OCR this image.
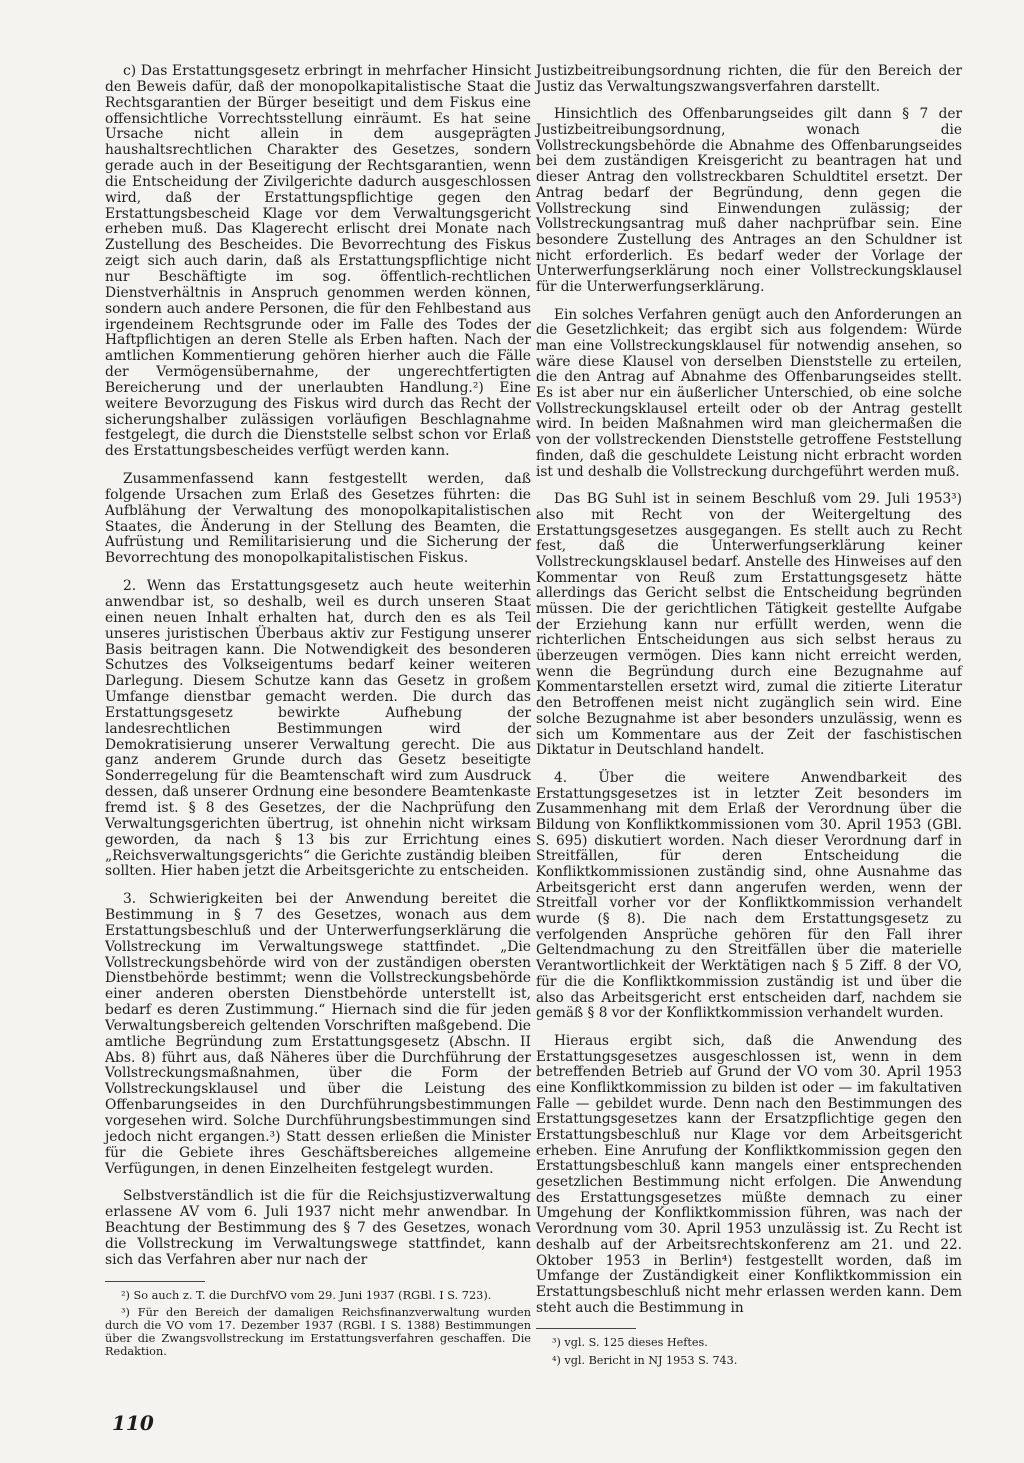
c) Das Erstattungsgesetz erbringt in mehrfacher Hinsicht den Beweis dafür, daß der monopolkapitalistische Staat die Rechtsgarantien der Bürger beseitigt und dem Fiskus eine offensichtliche Vorrechtsstellung einräumt. Es hat seine Ursache nicht allein in dem ausgeprägten haushaltsrechtlichen Charakter des Gesetzes, sondern gerade auch in der Beseitigung der Rechtsgarantien, wenn die Entscheidung der Zivilgerichte dadurch ausgeschlossen wird, daß der Erstattungspflichtige gegen den Erstattungsbescheid Klage vor dem Verwaltungsgericht erheben muß. Das Klagerecht erlischt drei Monate nach Zustellung des Bescheides. Die Bevorrechtung des Fiskus zeigt sich auch darin, daß als Erstattungspflichtige nicht nur Beschäftigte im sog. öffentlich-rechtlichen Dienstverhältnis in Anspruch genommen werden können, sondern auch andere Personen, die für den Fehlbestand aus irgendeinem Rechtsgrunde oder im Falle des Todes der Haftpflichtigen an deren Stelle als Erben haften. Nach der amtlichen Kommentierung gehören hierher auch die Fälle der Vermögensübernahme, der ungerechtfertigten Bereicherung und der unerlaubten Handlung.²) Eine weitere Bevorzugung des Fiskus wird durch das Recht der sicherungshalber zulässigen vorläufigen Beschlagnahme festgelegt, die durch die Dienststelle selbst schon vor Erlaß des Erstattungsbescheides verfügt werden kann.

Zusammenfassend kann festgestellt werden, daß folgende Ursachen zum Erlaß des Gesetzes führten: die Aufblähung der Verwaltung des monopolkapitalistischen Staates, die Änderung in der Stellung des Beamten, die Aufrüstung und Remilitarisierung und die Sicherung der Bevorrechtung des monopolkapitalistischen Fiskus.

2. Wenn das Erstattungsgesetz auch heute weiterhin anwendbar ist, so deshalb, weil es durch unseren Staat einen neuen Inhalt erhalten hat, durch den es als Teil unseres juristischen Überbaus aktiv zur Festigung unserer Basis beitragen kann. Die Notwendigkeit des besonderen Schutzes des Volkseigentums bedarf keiner weiteren Darlegung. Diesem Schutze kann das Gesetz in großem Umfange dienstbar gemacht werden. Die durch das Erstattungsgesetz bewirkte Aufhebung der landesrechtlichen Bestimmungen wird der Demokratisierung unserer Verwaltung gerecht. Die aus ganz anderem Grunde durch das Gesetz beseitigte Sonderregelung für die Beamtenschaft wird zum Ausdruck dessen, daß unserer Ordnung eine besondere Beamtenkaste fremd ist. § 8 des Gesetzes, der die Nachprüfung den Verwaltungsgerichten übertrug, ist ohnehin nicht wirksam geworden, da nach § 13 bis zur Errichtung eines „Reichsverwaltungsgerichts“ die Gerichte zuständig bleiben sollten. Hier haben jetzt die Arbeitsgerichte zu entscheiden.

3. Schwierigkeiten bei der Anwendung bereitet die Bestimmung in § 7 des Gesetzes, wonach aus dem Erstattungsbeschluß und der Unterwerfungserklärung die Vollstreckung im Verwaltungswege stattfindet. „Die Vollstreckungsbehörde wird von der zuständigen obersten Dienstbehörde bestimmt; wenn die Vollstreckungsbehörde einer anderen obersten Dienstbehörde unterstellt ist, bedarf es deren Zustimmung.“ Hiernach sind die für jeden Verwaltungsbereich geltenden Vorschriften maßgebend. Die amtliche Begründung zum Erstattungsgesetz (Abschn. II Abs. 8) führt aus, daß Näheres über die Durchführung der Vollstreckungsmaßnahmen, über die Form der Vollstreckungsklausel und über die Leistung des Offenbarungseides in den Durchführungsbestimmungen vorgesehen wird. Solche Durchführungsbestimmungen sind jedoch nicht ergangen.³) Statt dessen erließen die Minister für die Gebiete ihres Geschäftsbereiches allgemeine Verfügungen, in denen Einzelheiten festgelegt wurden.

Selbstverständlich ist die für die Reichsjustizverwaltung erlassene AV vom 6. Juli 1937 nicht mehr anwendbar. In Beachtung der Bestimmung des § 7 des Gesetzes, wonach die Vollstreckung im Verwaltungswege stattfindet, kann sich das Verfahren aber nur nach der

²) So auch z. T. die DurchfVO vom 29. Juni 1937 (RGBl. I S. 723).

³) Für den Bereich der damaligen Reichsfinanzverwaltung wurden durch die VO vom 17. Dezember 1937 (RGBl. I S. 1388) Bestimmungen über die Zwangsvollstreckung im Erstattungsverfahren geschaffen. Die Redaktion.

Justizbeitreibungsordnung richten, die für den Bereich der Justiz das Verwaltungszwangsverfahren darstellt.

Hinsichtlich des Offenbarungseides gilt dann § 7 der Justizbeitreibungsordnung, wonach die Vollstreckungsbehörde die Abnahme des Offenbarungseides bei dem zuständigen Kreisgericht zu beantragen hat und dieser Antrag den vollstreckbaren Schuldtitel ersetzt. Der Antrag bedarf der Begründung, denn gegen die Vollstreckung sind Einwendungen zulässig; der Vollstreckungsantrag muß daher nachprüfbar sein. Eine besondere Zustellung des Antrages an den Schuldner ist nicht erforderlich. Es bedarf weder der Vorlage der Unterwerfungserklärung noch einer Vollstreckungsklausel für die Unterwerfungserklärung.

Ein solches Verfahren genügt auch den Anforderungen an die Gesetzlichkeit; das ergibt sich aus folgendem: Würde man eine Vollstreckungsklausel für notwendig ansehen, so wäre diese Klausel von derselben Dienststelle zu erteilen, die den Antrag auf Abnahme des Offenbarungseides stellt. Es ist aber nur ein äußerlicher Unterschied, ob eine solche Vollstreckungsklausel erteilt oder ob der Antrag gestellt wird. In beiden Maßnahmen wird man gleichermaßen die von der vollstreckenden Dienststelle getroffene Feststellung finden, daß die geschuldete Leistung nicht erbracht worden ist und deshalb die Vollstreckung durchgeführt werden muß.

Das BG Suhl ist in seinem Beschluß vom 29. Juli 1953³) also mit Recht von der Weitergeltung des Erstattungsgesetzes ausgegangen. Es stellt auch zu Recht fest, daß die Unterwerfungserklärung keiner Vollstreckungsklausel bedarf. Anstelle des Hinweises auf den Kommentar von Reuß zum Erstattungsgesetz hätte allerdings das Gericht selbst die Entscheidung begründen müssen. Die der gerichtlichen Tätigkeit gestellte Aufgabe der Erziehung kann nur erfüllt werden, wenn die richterlichen Entscheidungen aus sich selbst heraus zu überzeugen vermögen. Dies kann nicht erreicht werden, wenn die Begründung durch eine Bezugnahme auf Kommentarstellen ersetzt wird, zumal die zitierte Literatur den Betroffenen meist nicht zugänglich sein wird. Eine solche Bezugnahme ist aber besonders unzulässig, wenn es sich um Kommentare aus der Zeit der faschistischen Diktatur in Deutschland handelt.

4. Über die weitere Anwendbarkeit des Erstattungsgesetzes ist in letzter Zeit besonders im Zusammenhang mit dem Erlaß der Verordnung über die Bildung von Konfliktkommissionen vom 30. April 1953 (GBl. S. 695) diskutiert worden. Nach dieser Verordnung darf in Streitfällen, für deren Entscheidung die Konfliktkommissionen zuständig sind, ohne Ausnahme das Arbeitsgericht erst dann angerufen werden, wenn der Streitfall vorher vor der Konfliktkommission verhandelt wurde (§ 8). Die nach dem Erstattungsgesetz zu verfolgenden Ansprüche gehören für den Fall ihrer Geltendmachung zu den Streitfällen über die materielle Verantwortlichkeit der Werktätigen nach § 5 Ziff. 8 der VO, für die die Konfliktkommission zuständig ist und über die also das Arbeitsgericht erst entscheiden darf, nachdem sie gemäß § 8 vor der Konfliktkommission verhandelt wurden.

Hieraus ergibt sich, daß die Anwendung des Erstattungsgesetzes ausgeschlossen ist, wenn in dem betreffenden Betrieb auf Grund der VO vom 30. April 1953 eine Konfliktkommission zu bilden ist oder — im fakultativen Falle — gebildet wurde. Denn nach den Bestimmungen des Erstattungsgesetzes kann der Ersatzpflichtige gegen den Erstattungsbeschluß nur Klage vor dem Arbeitsgericht erheben. Eine Anrufung der Konfliktkommission gegen den Erstattungsbeschluß kann mangels einer entsprechenden gesetzlichen Bestimmung nicht erfolgen. Die Anwendung des Erstattungsgesetzes müßte demnach zu einer Umgehung der Konfliktkommission führen, was nach der Verordnung vom 30. April 1953 unzulässig ist. Zu Recht ist deshalb auf der Arbeitsrechtskonferenz am 21. und 22. Oktober 1953 in Berlin⁴) festgestellt worden, daß im Umfange der Zuständigkeit einer Konfliktkommission ein Erstattungsbeschluß nicht mehr erlassen werden kann. Dem steht auch die Bestimmung in

³) vgl. S. 125 dieses Heftes.

⁴) vgl. Bericht in NJ 1953 S. 743.

110
